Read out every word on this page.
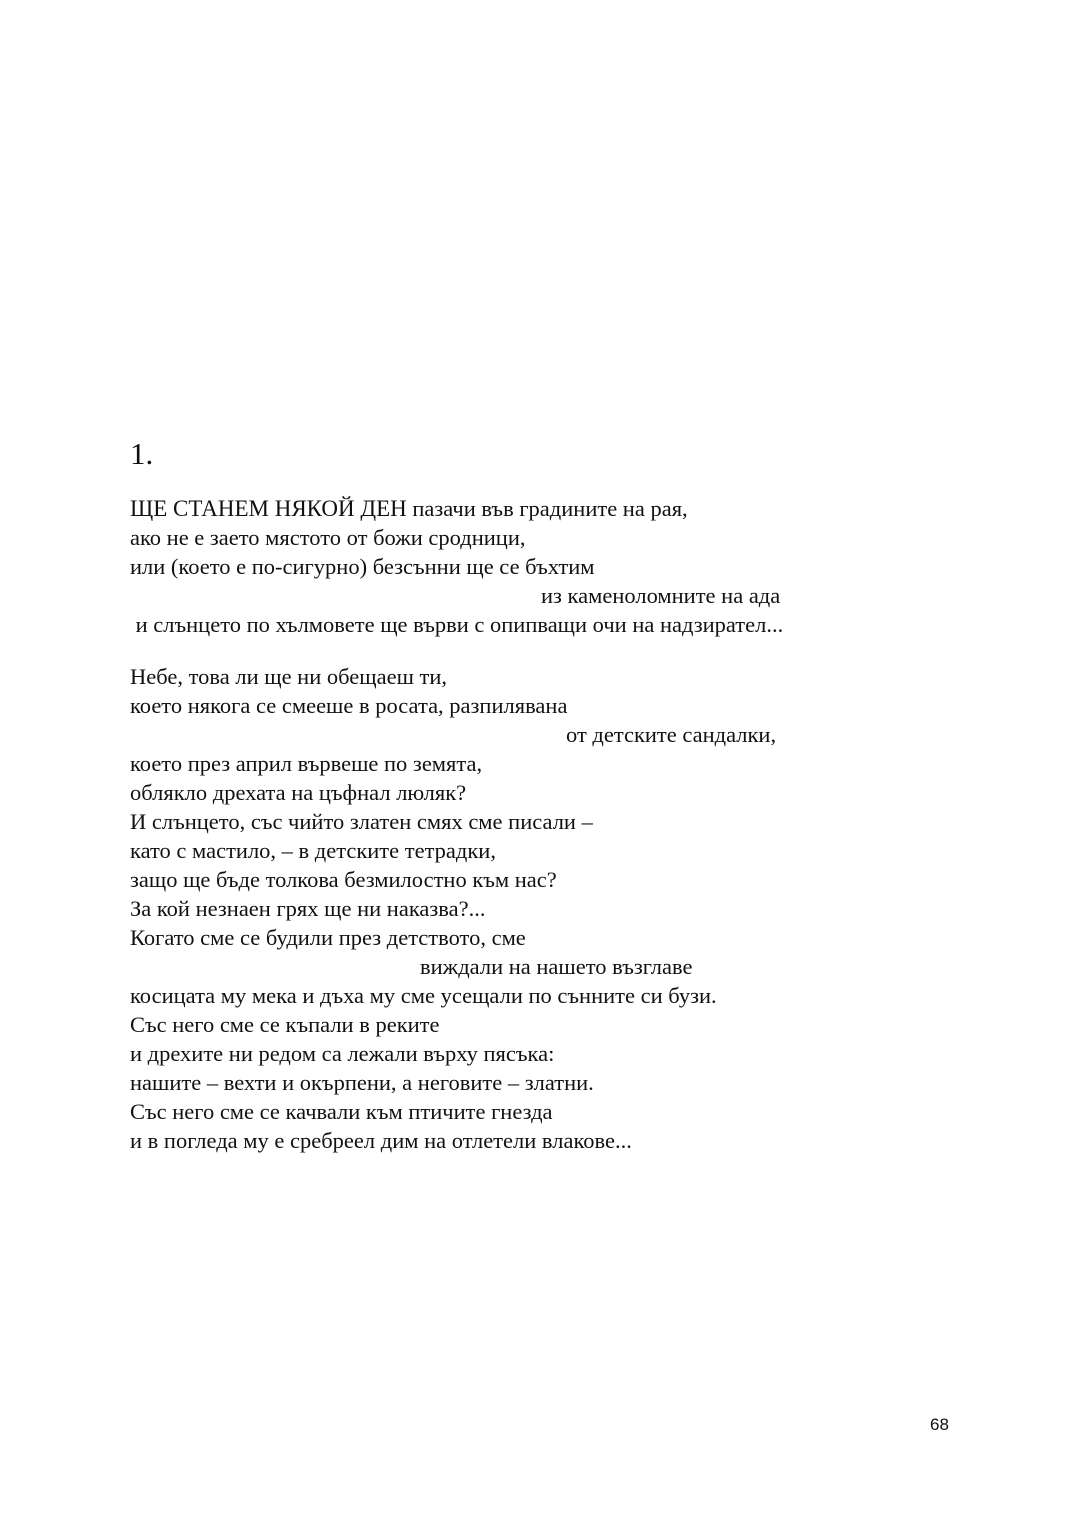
1.
ЩЕ СТАНЕМ НЯКОЙ ДЕН пазачи във градините на рая,
ако не е заето мястото от божи сродници,
или (което е по-сигурно) безсънни ще се бъхтим
из каменоломните на ада
и слънцето по хълмовете ще върви с опипващи очи на надзирател...
Небе, това ли ще ни обещаеш ти,
което някога се смееше в росата, разпилявана
от детските сандалки,
което през април вървеше по земята,
облякло дрехата на цъфнал люляк?
И слънцето, със чийто златен смях сме писали –
като с мастило, – в детските тетрадки,
защо ще бъде толкова безмилостно към нас?
За кой незнаен грях ще ни наказва?...
Когато сме се будили през детството, сме
виждали на нашето възглаве
косицата му мека и дъха му сме усещали по сънните си бузи.
Със него сме се къпали в реките
и дрехите ни редом са лежали върху пясъка:
нашите – вехти и окърпени, а неговите – златни.
Със него сме се качвали към птичите гнезда
и в погледа му е сребреел дим на отлетели влакове...
68
